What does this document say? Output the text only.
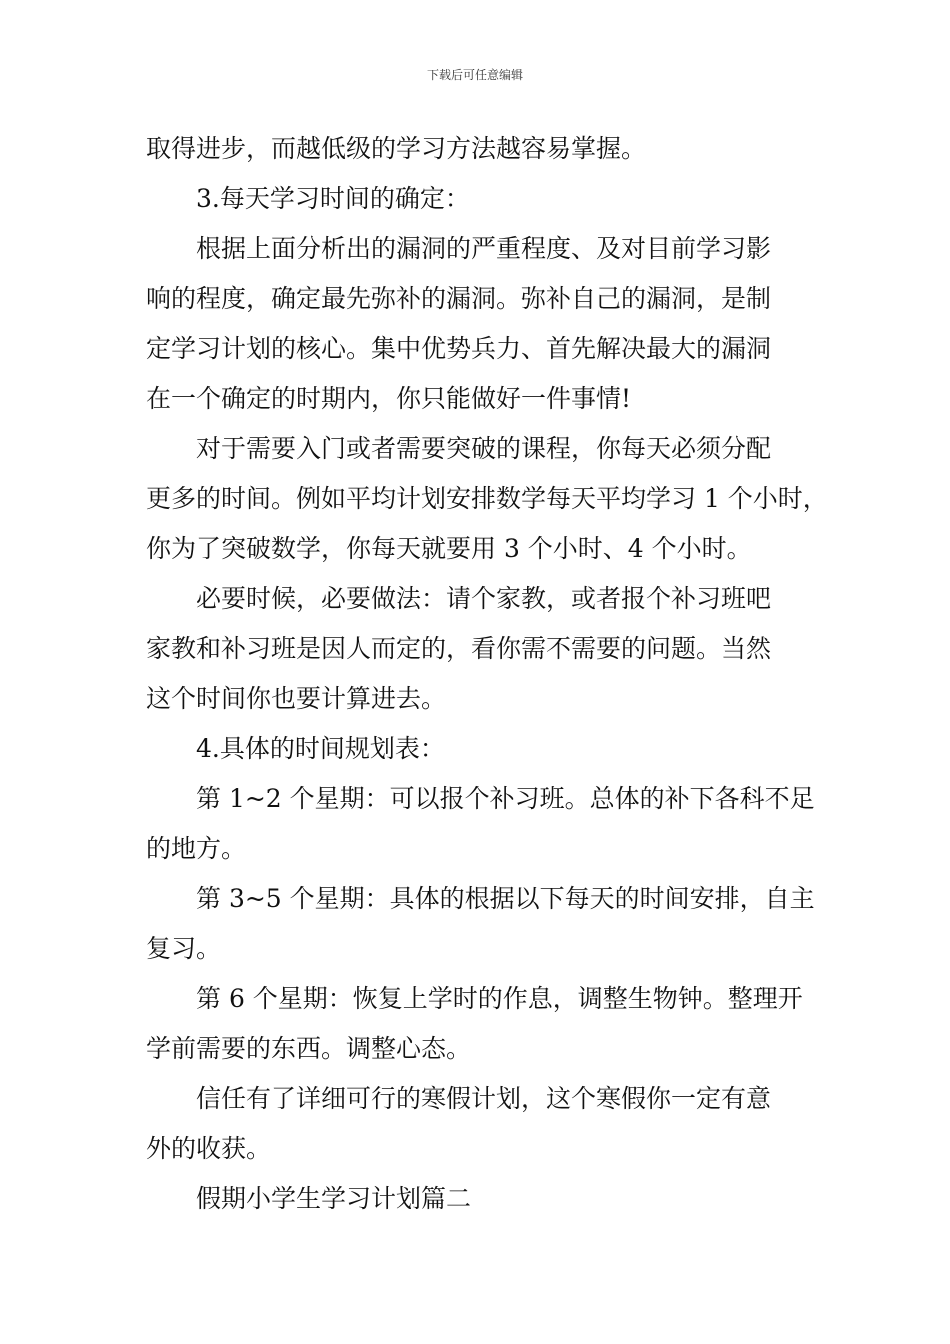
下载后可任意编辑
取得进步，而越低级的学习方法越容易掌握。
3.每天学习时间的确定：
根据上面分析出的漏洞的严重程度、及对目前学习影
响的程度，确定最先弥补的漏洞。弥补自己的漏洞，是制
定学习计划的核心。集中优势兵力、首先解决最大的漏洞
在一个确定的时期内，你只能做好一件事情!
对于需要入门或者需要突破的课程，你每天必须分配
更多的时间。例如平均计划安排数学每天平均学习 1 个小时，
你为了突破数学，你每天就要用 3 个小时、4 个小时。
必要时候，必要做法：请个家教，或者报个补习班吧
家教和补习班是因人而定的，看你需不需要的问题。当然
这个时间你也要计算进去。
4.具体的时间规划表：
第 1~2 个星期：可以报个补习班。总体的补下各科不足
的地方。
第 3~5 个星期：具体的根据以下每天的时间安排，自主
复习。
第 6 个星期：恢复上学时的作息，调整生物钟。整理开
学前需要的东西。调整心态。
信任有了详细可行的寒假计划，这个寒假你一定有意
外的收获。
假期小学生学习计划篇二
